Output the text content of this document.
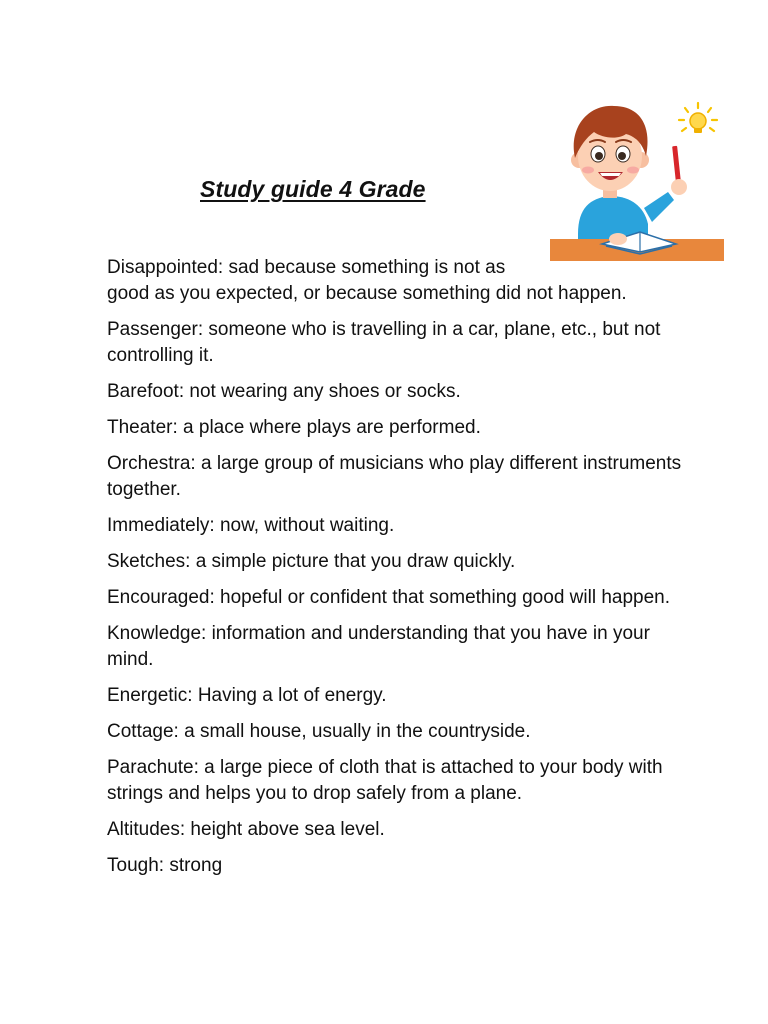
Study guide 4 Grade
Disappointed: sad because something is not as
good as you expected, or because something did not happen.
Passenger: someone who is travelling in a car, plane, etc., but not controlling it.
Barefoot: not wearing any shoes or socks.
Theater: a place where plays are performed.
Orchestra: a large group of musicians who play different instruments together.
Immediately: now, without waiting.
Sketches: a simple picture that you draw quickly.
Encouraged: hopeful or confident that something good will happen.
Knowledge: information and understanding that you have in your mind.
Energetic: Having a lot of energy.
Cottage: a small house, usually in the countryside.
Parachute: a large piece of cloth that is attached to your body with strings and helps you to drop safely from a plane.
Altitudes: height above sea level.
Tough: strong
